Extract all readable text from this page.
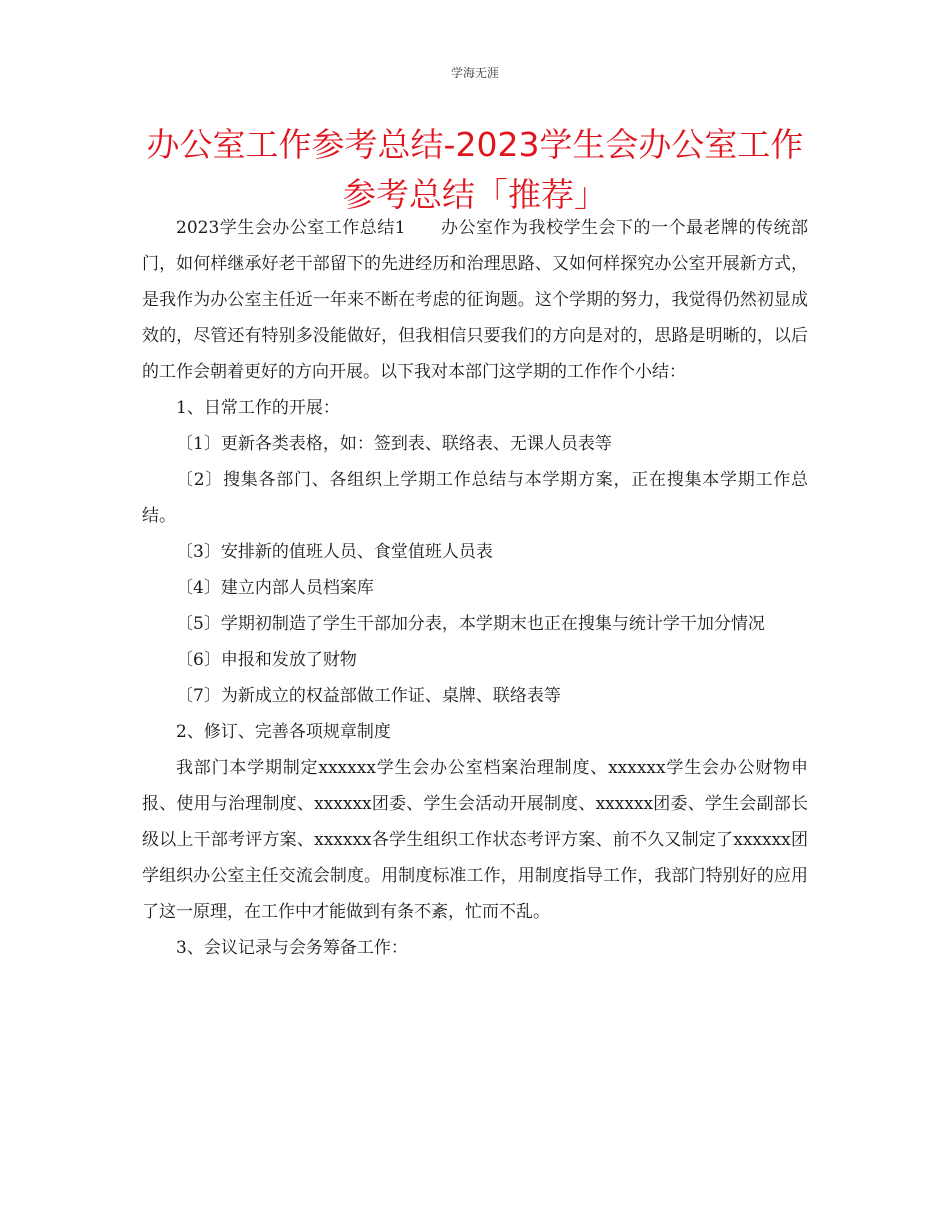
学海无涯
办公室工作参考总结-2023学生会办公室工作参考总结「推荐」

2023学生会办公室工作总结1　　办公室作为我校学生会下的一个最老牌的传统部门，如何样继承好老干部留下的先进经历和治理思路、又如何样探究办公室开展新方式，是我作为办公室主任近一年来不断在考虑的征询题。这个学期的努力，我觉得仍然初显成效的，尽管还有特别多没能做好，但我相信只要我们的方向是对的，思路是明晰的，以后的工作会朝着更好的方向开展。以下我对本部门这学期的工作作个小结：

1、日常工作的开展：

〔1〕更新各类表格，如：签到表、联络表、无课人员表等

〔2〕搜集各部门、各组织上学期工作总结与本学期方案，正在搜集本学期工作总结。

〔3〕安排新的值班人员、食堂值班人员表

〔4〕建立内部人员档案库

〔5〕学期初制造了学生干部加分表，本学期末也正在搜集与统计学干加分情况

〔6〕申报和发放了财物

〔7〕为新成立的权益部做工作证、桌牌、联络表等

2、修订、完善各项规章制度

我部门本学期制定xxxxxx学生会办公室档案治理制度、xxxxxx学生会办公财物申报、使用与治理制度、xxxxxx团委、学生会活动开展制度、xxxxxx团委、学生会副部长级以上干部考评方案、xxxxxx各学生组织工作状态考评方案、前不久又制定了xxxxxx团学组织办公室主任交流会制度。用制度标准工作，用制度指导工作，我部门特别好的应用了这一原理，在工作中才能做到有条不紊，忙而不乱。

3、会议记录与会务筹备工作：
